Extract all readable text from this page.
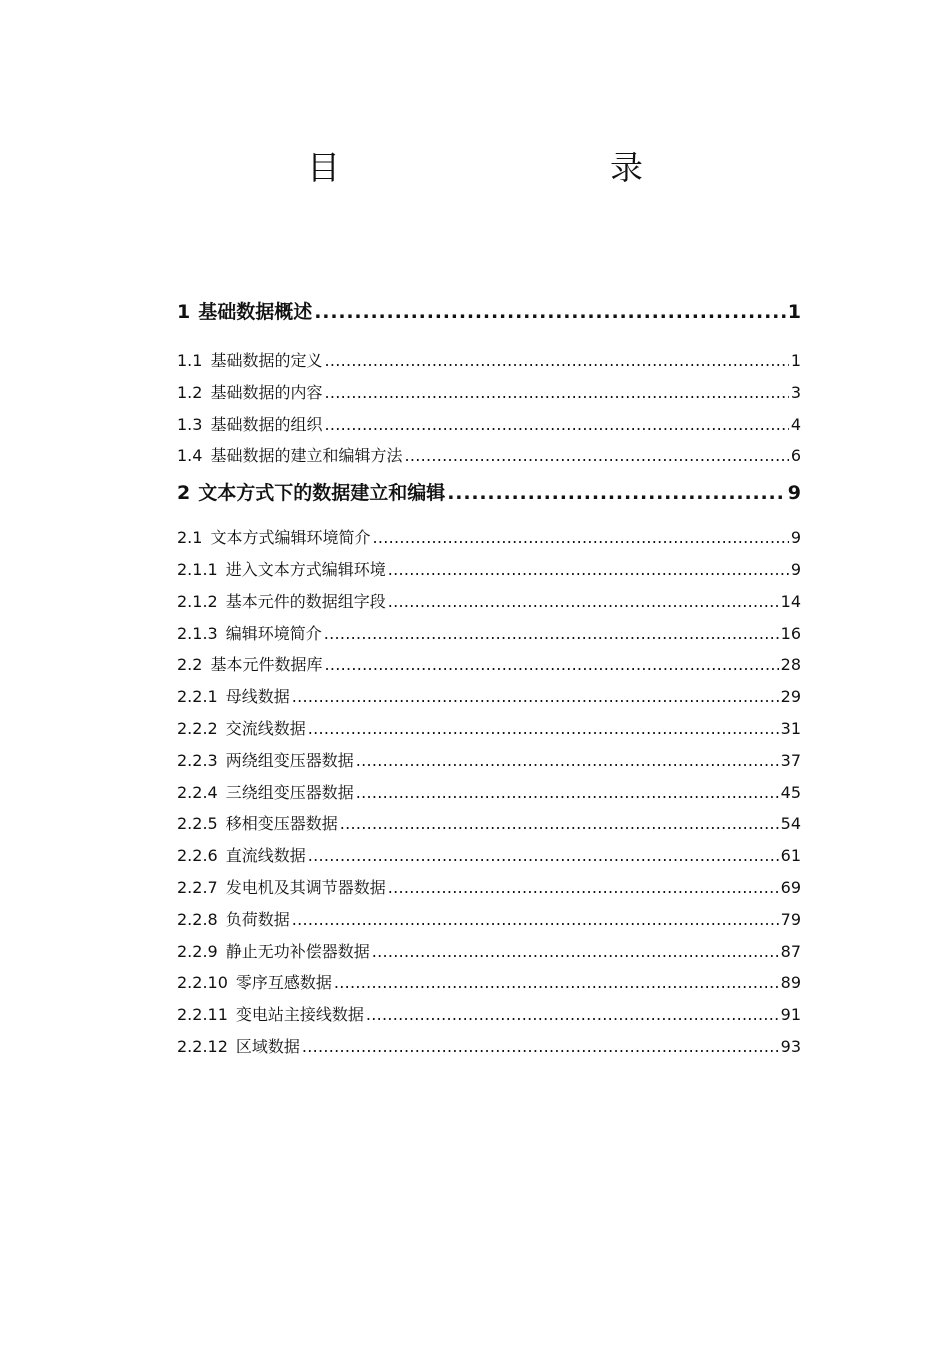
目　　录
1 基础数据概述 . . .	1
1.1 基础数据的定义 . . .	1
1.2 基础数据的内容 . . .	3
1.3 基础数据的组织 . . .	4
1.4 基础数据的建立和编辑方法 . . .	6
2 文本方式下的数据建立和编辑 . . .	9
2.1 文本方式编辑环境简介 . . .	9
2.1.1 进入文本方式编辑环境 . . .	9
2.1.2 基本元件的数据组字段 . . .	14
2.1.3 编辑环境简介 . . .	16
2.2 基本元件数据库 . . .	28
2.2.1 母线数据 . . .	29
2.2.2 交流线数据 . . .	31
2.2.3 两绕组变压器数据 . . .	37
2.2.4 三绕组变压器数据 . . .	45
2.2.5 移相变压器数据 . . .	54
2.2.6 直流线数据 . . .	61
2.2.7 发电机及其调节器数据 . . .	69
2.2.8 负荷数据 . . .	79
2.2.9 静止无功补偿器数据 . . .	87
2.2.10 零序互感数据 . . .	89
2.2.11 变电站主接线数据 . . .	91
2.2.12 区域数据 . . .	93
